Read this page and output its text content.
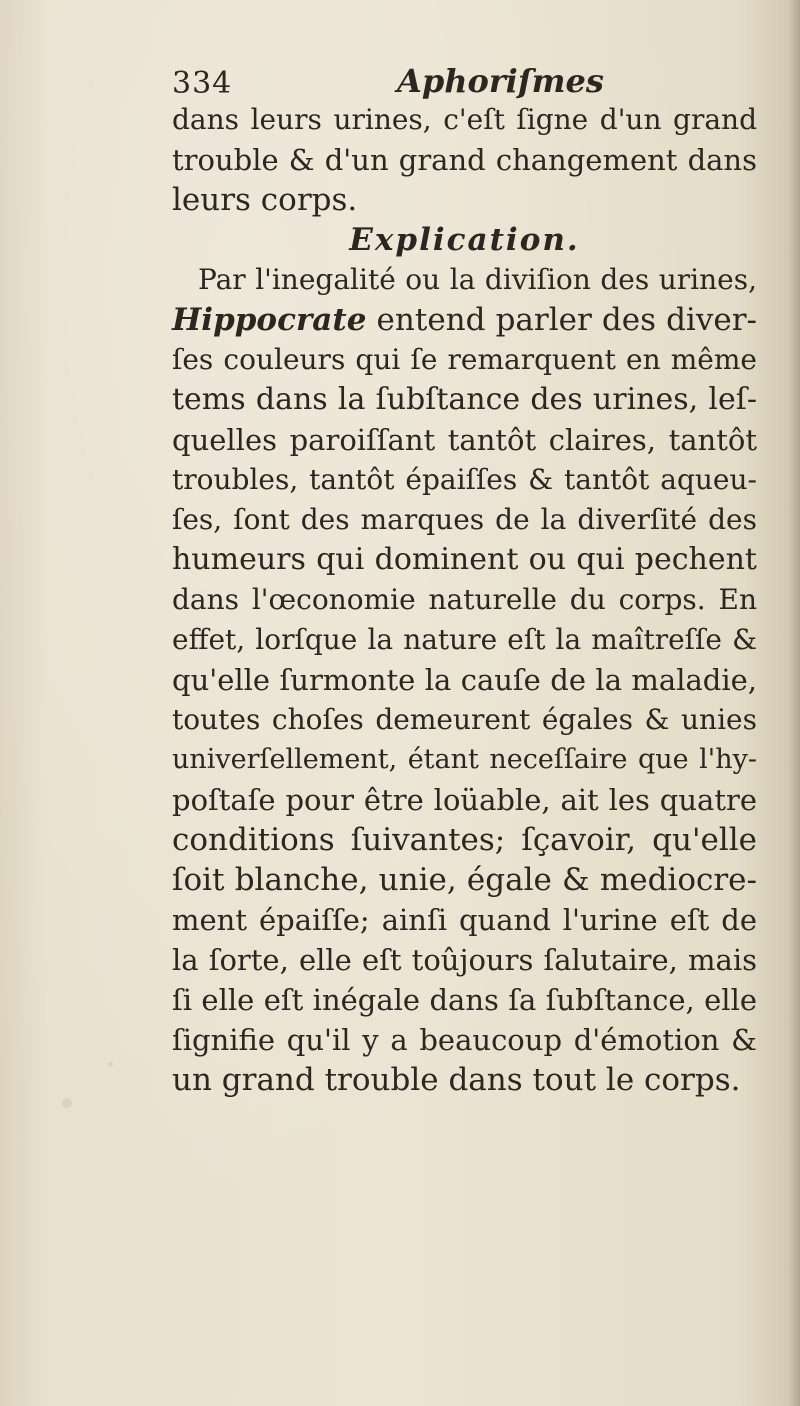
334	Aphoriſmes
dans leurs urines, c'eſt ſigne d'un grand
trouble & d'un grand changement dans
leurs corps.
Explication.
Par l'inegalité ou la diviſion des urines,
Hippocrate entend parler des diver-
ſes couleurs qui ſe remarquent en même
tems dans la ſubſtance des urines, leſ-
quelles paroiſſant tantôt claires, tantôt
troubles, tantôt épaiſſes & tantôt aqueu-
ſes, ſont des marques de la diverſité des
humeurs qui dominent ou qui pechent
dans l'œconomie naturelle du corps. En
effet, lorſque la nature eſt la maîtreſſe &
qu'elle ſurmonte la cauſe de la maladie,
toutes choſes demeurent égales & unies
univerſellement, étant neceſſaire que l'hy-
poſtaſe pour être loüable, ait les quatre
conditions ſuivantes; ſçavoir, qu'elle
ſoit blanche, unie, égale & mediocre-
ment épaiſſe; ainſi quand l'urine eſt de
la ſorte, elle eſt toûjours ſalutaire, mais
ſi elle eſt inégale dans ſa ſubſtance, elle
ſignifie qu'il y a beaucoup d'émotion &
un grand trouble dans tout le corps.
